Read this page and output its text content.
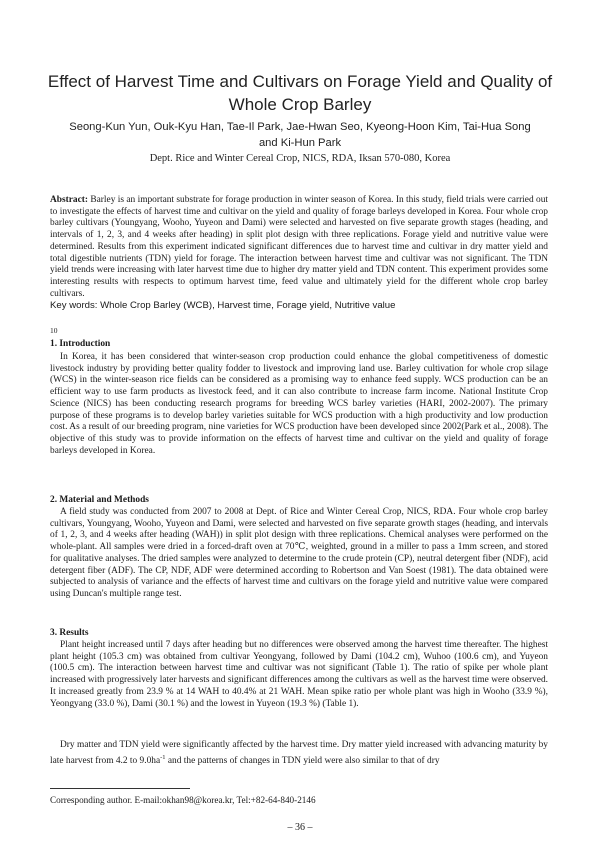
Effect of Harvest Time and Cultivars on Forage Yield and Quality of
Whole Crop Barley
Seong-Kun Yun, Ouk-Kyu Han, Tae-Il Park, Jae-Hwan Seo, Kyeong-Hoon Kim, Tai-Hua Song
and Ki-Hun Park
Dept. Rice and Winter Cereal Crop, NICS, RDA, Iksan 570-080, Korea

Abstract: Barley is an important substrate for forage production in winter season of Korea. In this study, field trials were carried out to investigate the effects of harvest time and cultivar on the yield and quality of forage barleys developed in Korea. Four whole crop barley cultivars (Youngyang, Wooho, Yuyeon and Dami) were selected and harvested on five separate growth stages (heading, and intervals of 1, 2, 3, and 4 weeks after heading) in split plot design with three replications. Forage yield and nutritive value were determined. Results from this experiment indicated significant differences due to harvest time and cultivar in dry matter yield and total digestible nutrients (TDN) yield for forage. The interaction between harvest time and cultivar was not significant. The TDN yield trends were increasing with later harvest time due to higher dry matter yield and TDN content. This experiment provides some interesting results with respects to optimum harvest time, feed value and ultimately yield for the different whole crop barley cultivars.

Key words: Whole Crop Barley (WCB), Harvest time, Forage yield, Nutritive value

10
1. Introduction
In Korea, it has been considered that winter-season crop production could enhance the global competitiveness of domestic livestock industry by providing better quality fodder to livestock and improving land use. Barley cultivation for whole crop silage (WCS) in the winter-season rice fields can be considered as a promising way to enhance feed supply. WCS production can be an efficient way to use farm products as livestock feed, and it can also contribute to increase farm income. National Institute Crop Science (NICS) has been conducting research programs for breeding WCS barley varieties (HARI, 2002-2007). The primary purpose of these programs is to develop barley varieties suitable for WCS production with a high productivity and low production cost. As a result of our breeding program, nine varieties for WCS production have been developed since 2002(Park et al., 2008). The objective of this study was to provide information on the effects of harvest time and cultivar on the yield and quality of forage barleys developed in Korea.
2. Material and Methods
A field study was conducted from 2007 to 2008 at Dept. of Rice and Winter Cereal Crop, NICS, RDA. Four whole crop barley cultivars, Youngyang, Wooho, Yuyeon and Dami, were selected and harvested on five separate growth stages (heading, and intervals of 1, 2, 3, and 4 weeks after heading (WAH)) in split plot design with three replications. Chemical analyses were performed on the whole-plant. All samples were dried in a forced-draft oven at 70℃, weighted, ground in a miller to pass a 1mm screen, and stored for qualitative analyses. The dried samples were analyzed to determine to the crude protein (CP), neutral detergent fiber (NDF), acid detergent fiber (ADF). The CP, NDF, ADF were determined according to Robertson and Van Soest (1981). The data obtained were subjected to analysis of variance and the effects of harvest time and cultivars on the forage yield and nutritive value were compared using Duncan's multiple range test.
3. Results
Plant height increased until 7 days after heading but no differences were observed among the harvest time thereafter. The highest plant height (105.3 cm) was obtained from cultivar Yeongyang, followed by Dami (104.2 cm), Wuhoo (100.6 cm), and Yuyeon (100.5 cm). The interaction between harvest time and cultivar was not significant (Table 1). The ratio of spike per whole plant increased with progressively later harvests and significant differences among the cultivars as well as the harvest time were observed. It increased greatly from 23.9 % at 14 WAH to 40.4% at 21 WAH. Mean spike ratio per whole plant was high in Wooho (33.9 %), Yeongyang (33.0 %), Dami (30.1 %) and the lowest in Yuyeon (19.3 %) (Table 1).
Dry matter and TDN yield were significantly affected by the harvest time. Dry matter yield increased with advancing maturity by late harvest from 4.2 to $9.0ha^{-1}$ and the patterns of changes in TDN yield were also similar to that of dry
Corresponding author. E-mail:okhan98@korea.kr, Tel:+82-64-840-2146
– 36 –
